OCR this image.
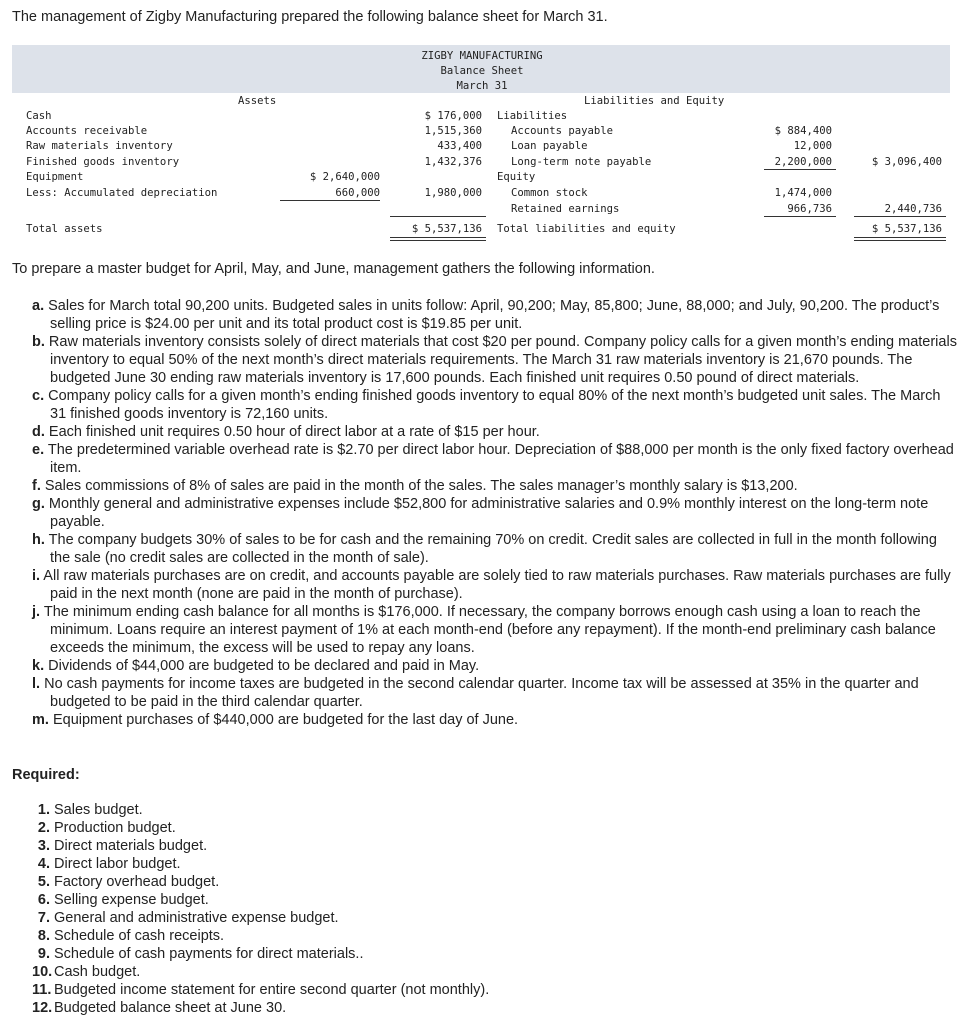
The management of Zigby Manufacturing prepared the following balance sheet for March 31.
ZIGBY MANUFACTURING
Balance Sheet
March 31
Assets	Liabilities and Equity
Cash
Accounts receivable
Raw materials inventory
Finished goods inventory
Equipment
Less: Accumulated depreciation
Total assets
$ 2,640,000
660,000
$ 176,000
1,515,360
433,400
1,432,376
1,980,000
$ 5,537,136
Liabilities
Accounts payable
Loan payable
Long-term note payable
Equity
Common stock
Retained earnings
Total liabilities and equity
$ 884,400
12,000
2,200,000
1,474,000
966,736
$ 3,096,400
2,440,736
$ 5,537,136
To prepare a master budget for April, May, and June, management gathers the following information.
a. Sales for March total 90,200 units. Budgeted sales in units follow: April, 90,200; May, 85,800; June, 88,000; and July, 90,200. The product’s selling price is $24.00 per unit and its total product cost is $19.85 per unit.
b. Raw materials inventory consists solely of direct materials that cost $20 per pound. Company policy calls for a given month’s ending materials inventory to equal 50% of the next month’s direct materials requirements. The March 31 raw materials inventory is 21,670 pounds. The budgeted June 30 ending raw materials inventory is 17,600 pounds. Each finished unit requires 0.50 pound of direct materials.
c. Company policy calls for a given month’s ending finished goods inventory to equal 80% of the next month’s budgeted unit sales. The March 31 finished goods inventory is 72,160 units.
d. Each finished unit requires 0.50 hour of direct labor at a rate of $15 per hour.
e. The predetermined variable overhead rate is $2.70 per direct labor hour. Depreciation of $88,000 per month is the only fixed factory overhead item.
f. Sales commissions of 8% of sales are paid in the month of the sales. The sales manager’s monthly salary is $13,200.
g. Monthly general and administrative expenses include $52,800 for administrative salaries and 0.9% monthly interest on the long-term note payable.
h. The company budgets 30% of sales to be for cash and the remaining 70% on credit. Credit sales are collected in full in the month following the sale (no credit sales are collected in the month of sale).
i. All raw materials purchases are on credit, and accounts payable are solely tied to raw materials purchases. Raw materials purchases are fully paid in the next month (none are paid in the month of purchase).
j. The minimum ending cash balance for all months is $176,000. If necessary, the company borrows enough cash using a loan to reach the minimum. Loans require an interest payment of 1% at each month-end (before any repayment). If the month-end preliminary cash balance exceeds the minimum, the excess will be used to repay any loans.
k. Dividends of $44,000 are budgeted to be declared and paid in May.
l. No cash payments for income taxes are budgeted in the second calendar quarter. Income tax will be assessed at 35% in the quarter and budgeted to be paid in the third calendar quarter.
m. Equipment purchases of $440,000 are budgeted for the last day of June.
Required:
1. Sales budget.
2. Production budget.
3. Direct materials budget.
4. Direct labor budget.
5. Factory overhead budget.
6. Selling expense budget.
7. General and administrative expense budget.
8. Schedule of cash receipts.
9. Schedule of cash payments for direct materials..
10. Cash budget.
11. Budgeted income statement for entire second quarter (not monthly).
12. Budgeted balance sheet at June 30.
